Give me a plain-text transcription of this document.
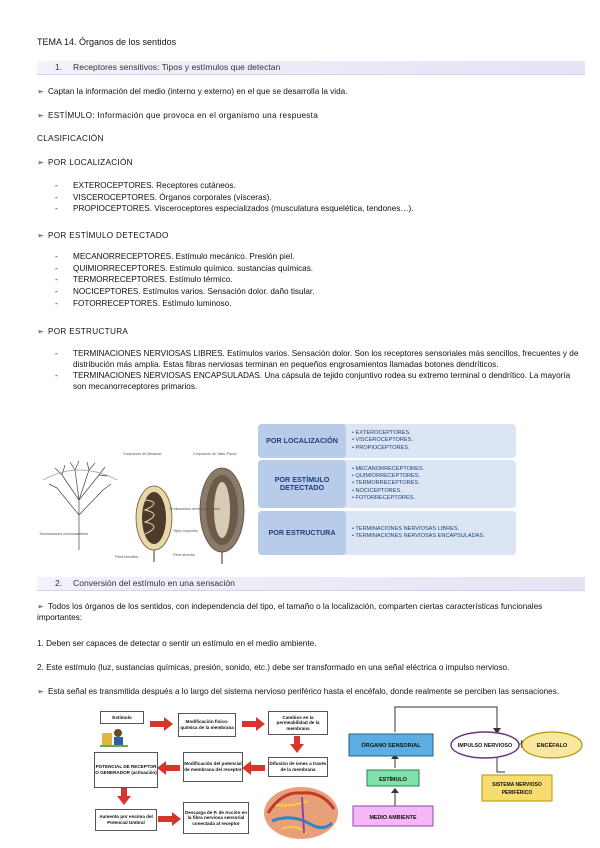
TEMA 14. Órganos de los sentidos
1. Receptores sensitivos: Tipos y estímulos que detectan
➢ Captan la información del medio (interno y externo) en el que se desarrolla la vida.
➢ ESTÍMULO: Información que provoca en el organismo una respuesta
CLASIFICACIÓN
➢ POR LOCALIZACIÓN
- EXTEROCEPTORES. Receptores cutáneos.
- VISCEROCEPTORES. Órganos corporales (vísceras).
- PROPIOCEPTORES. Visceroceptores especializados (musculatura esquelética, tendones…).
➢ POR ESTÍMULO DETECTADO
- MECANORRECEPTORES. Estímulo mecánico. Presión piel.
- QUIMIORRECEPTORES. Estímulo químico. sustancias químicas.
- TERMORRECEPTORES. Estímulo térmico.
- NOCICEPTORES. Estímulos varios. Sensación dolor. daño tisular.
- FOTORRECEPTORES. Estímulo luminoso.
➢ POR ESTRUCTURA
- TERMINACIONES NERVIOSAS LIBRES. Estímulos varios. Sensación dolor. Son los receptores sensoriales más sencillos, frecuentes y de distribución más amplia. Estas fibras nerviosas terminan en pequeños engrosamientos llamadas botones dendríticos.
- TERMINACIONES NERVIOSAS ENCAPSULADAS. Una cápsula de tejido conjuntivo rodea su extremo terminal o dendrítico. La mayoría son mecanorreceptores primarios.
Corpúsculo de Meissner	Corpúsculo de Vater-Pacini
Terminaciones nerviosas libres
Fibra sensitiva
Terminaciones nerviosas del axón
Tejido conjuntivo
Fibra nerviosa
POR LOCALIZACIÓN
• EXTEROCEPTORES.
• VISCEROCEPTORES.
• PROPIOCEPTORES.
POR ESTÍMULO DETECTADO
• MECANORRECEPTORES.
• QUIMIORRECEPTORES.
• TERMORRECEPTORES.
• NOCICEPTORES.
• FOTORRECEPTORES.
POR ESTRUCTURA	• TERMINACIONES NERVIOSAS LIBRES.
• TERMINACIONES NERVIOSAS ENCAPSULADAS.
2. Conversión del estímulo en una sensación
➢ Todos los órganos de los sentidos, con independencia del tipo, el tamaño o la localización, comparten ciertas características funcionales importantes:
1. Deben ser capaces de detectar o sentir un estímulo en el medio ambiente.
2. Este estímulo (luz, sustancias químicas, presión, sonido, etc.) debe ser transformado en una señal eléctrica o impulso nervioso.
➢ Esta señal es transmitida después a lo largo del sistema nervioso periférico hasta el encéfalo, donde realmente se perciben las sensaciones.
Estímulo
Modificación físico-química de la membrana
Cambios en la permeabilidad de la membrana
POTENCIAL DE RECEPTOR O GENERADOR (activación)
Modificación del potencial de membrana del receptor
Difusión de iones a través de la membrana
Aumento por encima del Potencial Umbral
Descarga de P. de Acción en la fibra nerviosa sensorial conectada al receptor
ÓRGANO SENSORIAL	IMPULSO NERVIOSO	ENCÉFALO
ESTÍMULO
SISTEMA NERVIOSO
PERIFÉRICO
MEDIO AMBIENTE
